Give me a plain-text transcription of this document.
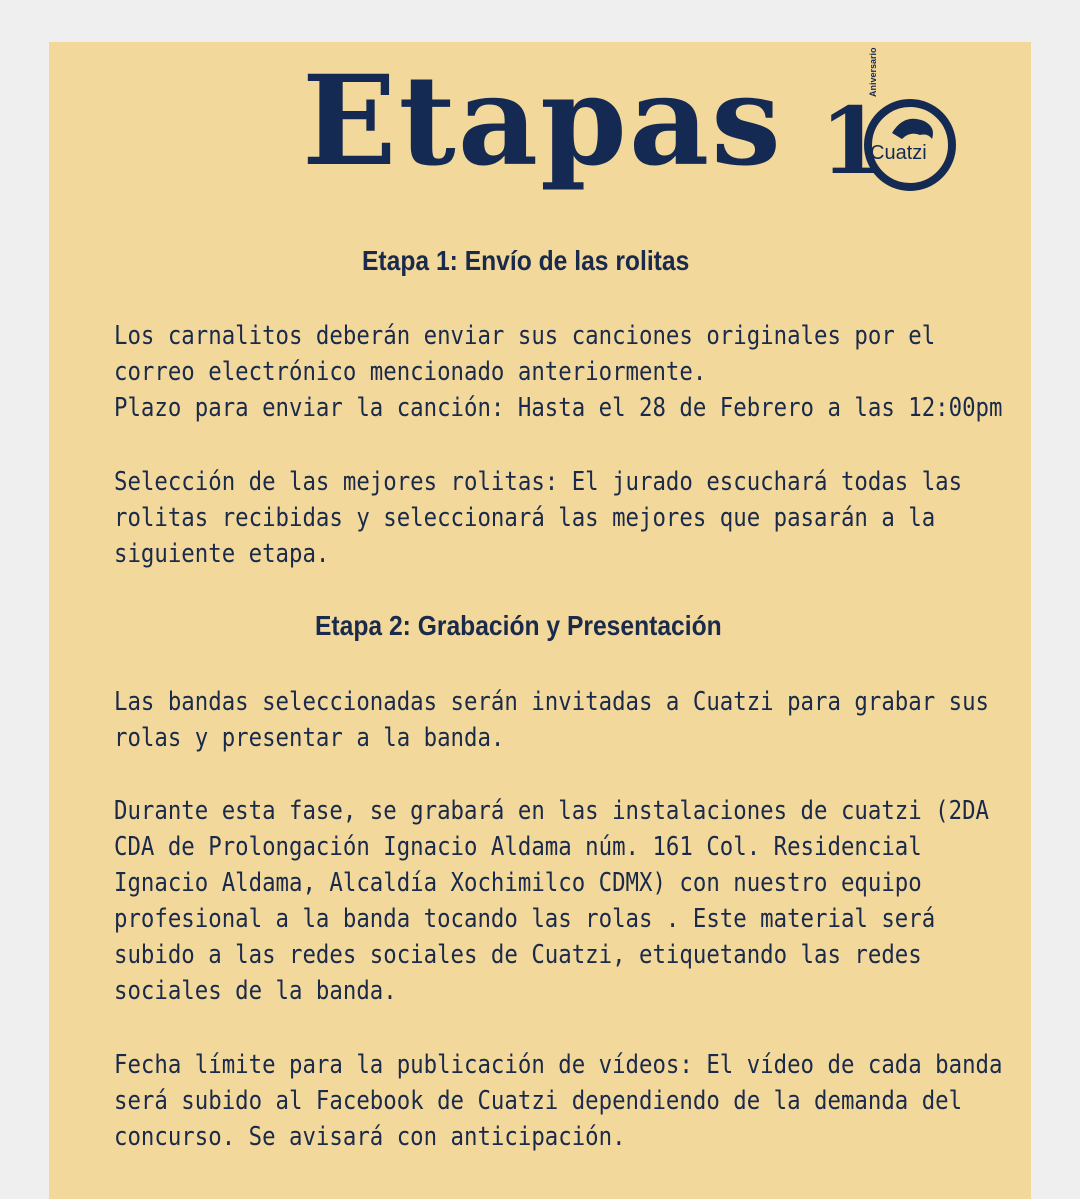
Etapas 1
Aniversario
Cuatzi
Etapa 1: Envío de las rolitas
Los carnalitos deberán enviar sus canciones originales por el
correo electrónico mencionado anteriormente.
Plazo para enviar la canción: Hasta el 28 de Febrero a las 12:00pm
Selección de las mejores rolitas: El jurado escuchará todas las
rolitas recibidas y seleccionará las mejores que pasarán a la
siguiente etapa.
Etapa 2: Grabación y Presentación
Las bandas seleccionadas serán invitadas a Cuatzi para grabar sus
rolas y presentar a la banda.
Durante esta fase, se grabará en las instalaciones de cuatzi (2DA
CDA de Prolongación Ignacio Aldama núm. 161 Col. Residencial
Ignacio Aldama, Alcaldía Xochimilco CDMX) con nuestro equipo
profesional a la banda tocando las rolas . Este material será
subido a las redes sociales de Cuatzi, etiquetando las redes
sociales de la banda.
Fecha límite para la publicación de vídeos: El vídeo de cada banda
será subido al Facebook de Cuatzi dependiendo de la demanda del
concurso. Se avisará con anticipación.
